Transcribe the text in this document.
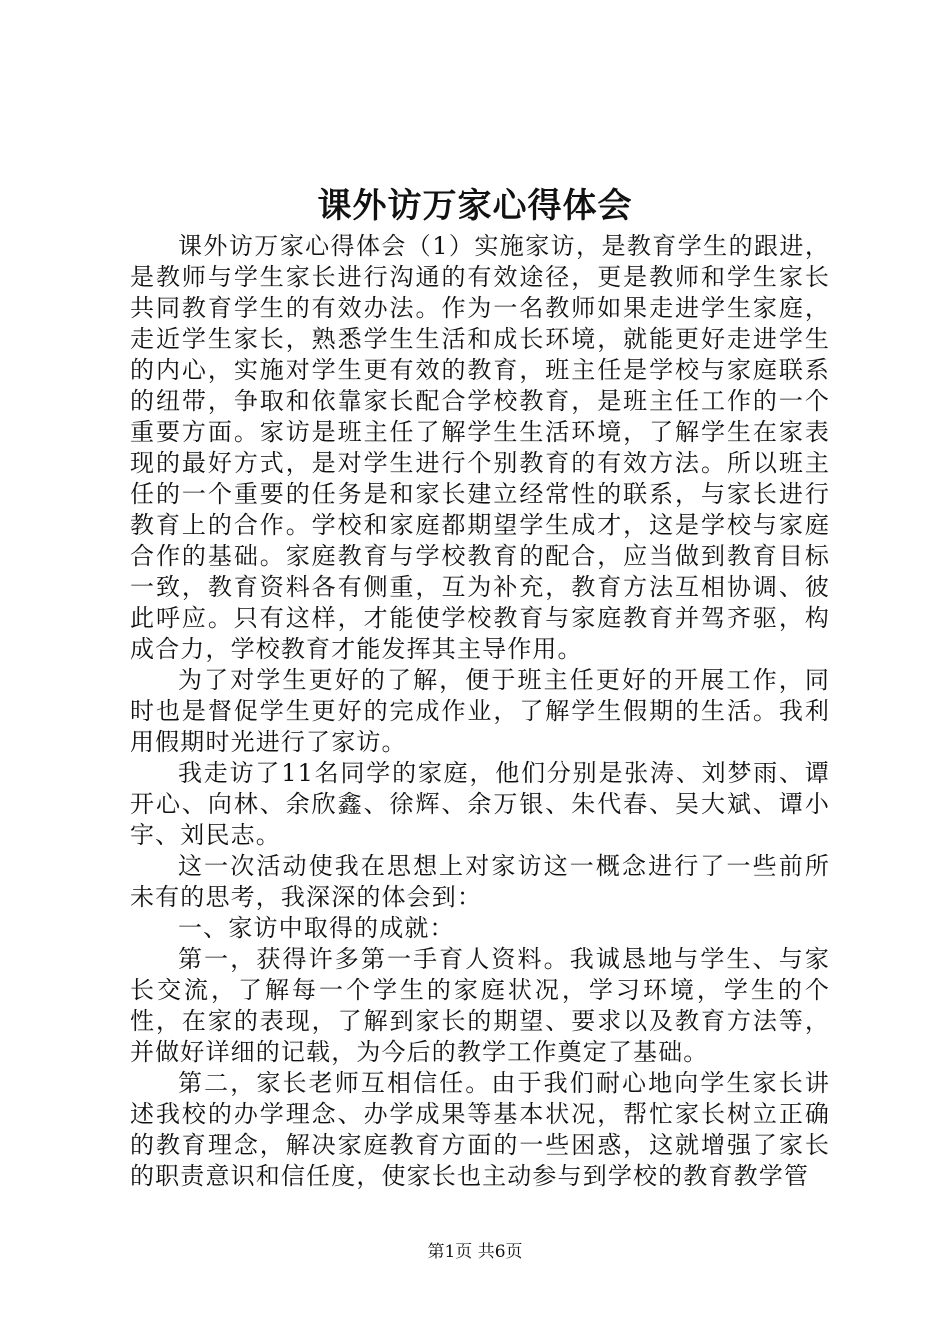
课外访万家心得体会

课外访万家心得体会（1）实施家访，是教育学生的跟进，是教师与学生家长进行沟通的有效途径，更是教师和学生家长共同教育学生的有效办法。作为一名教师如果走进学生家庭，走近学生家长，熟悉学生生活和成长环境，就能更好走进学生的内心，实施对学生更有效的教育，班主任是学校与家庭联系的纽带，争取和依靠家长配合学校教育，是班主任工作的一个重要方面。家访是班主任了解学生生活环境，了解学生在家表现的最好方式，是对学生进行个别教育的有效方法。所以班主任的一个重要的任务是和家长建立经常性的联系，与家长进行教育上的合作。学校和家庭都期望学生成才，这是学校与家庭合作的基础。家庭教育与学校教育的配合，应当做到教育目标一致，教育资料各有侧重，互为补充，教育方法互相协调、彼此呼应。只有这样，才能使学校教育与家庭教育并驾齐驱，构成合力，学校教育才能发挥其主导作用。

为了对学生更好的了解，便于班主任更好的开展工作，同时也是督促学生更好的完成作业，了解学生假期的生活。我利用假期时光进行了家访。

我走访了11名同学的家庭，他们分别是张涛、刘梦雨、谭开心、向林、余欣鑫、徐辉、余万银、朱代春、吴大斌、谭小宇、刘民志。

这一次活动使我在思想上对家访这一概念进行了一些前所未有的思考，我深深的体会到：

一、家访中取得的成就：

第一，获得许多第一手育人资料。我诚恳地与学生、与家长交流，了解每一个学生的家庭状况，学习环境，学生的个性，在家的表现，了解到家长的期望、要求以及教育方法等，并做好详细的记载，为今后的教学工作奠定了基础。

第二，家长老师互相信任。由于我们耐心地向学生家长讲述我校的办学理念、办学成果等基本状况，帮忙家长树立正确的教育理念，解决家庭教育方面的一些困惑，这就增强了家长的职责意识和信任度，使家长也主动参与到学校的教育教学管

第1页 共6页
